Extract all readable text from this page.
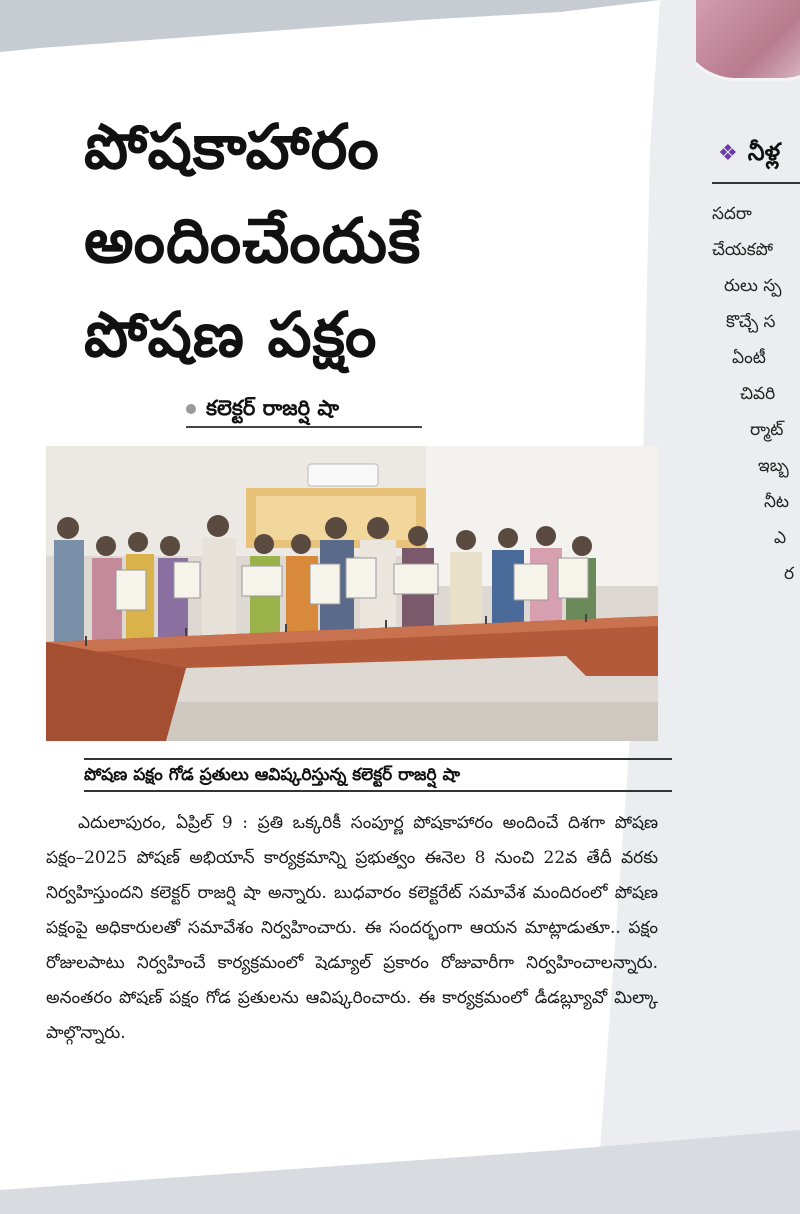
పోషకాహారం
అందించేందుకే
పోషణ పక్షం
కలెక్టర్ రాజర్షి షా
పోషణ పక్షం గోడ ప్రతులు ఆవిష్కరిస్తున్న కలెక్టర్ రాజర్షి షా

ఎదులాపురం, ఏప్రిల్ 9 : ప్రతి ఒక్కరికీ సంపూర్ణ పోషకాహారం అందించే దిశగా పోషణ పక్షం–2025 పోషణ్ అభియాన్ కార్యక్రమాన్ని ప్రభుత్వం ఈనెల 8 నుంచి 22వ తేదీ వరకు నిర్వహిస్తుందని కలెక్టర్ రాజర్షి షా అన్నారు. బుధవారం కలెక్టరేట్ సమావేశ మందిరంలో పోషణ పక్షంపై అధికారులతో సమావేశం నిర్వహించారు. ఈ సందర్భంగా ఆయన మాట్లాడుతూ.. పక్షం రోజులపాటు నిర్వహించే కార్యక్రమంలో షెడ్యూల్ ప్రకారం రోజువారీగా నిర్వహించాలన్నారు. అనంతరం పోషణ్ పక్షం గోడ ప్రతులను ఆవిష్కరించారు. ఈ కార్యక్రమంలో డీడబ్ల్యూవో మిల్కా పాల్గొన్నారు.

❖ నీళ్ల
సదరా
చేయకపో
రులు స్ప
కొచ్చే స
ఏంటీ
చివరి
ర్మాట్
ఇబ్బ
నీట
ఎ
ర
